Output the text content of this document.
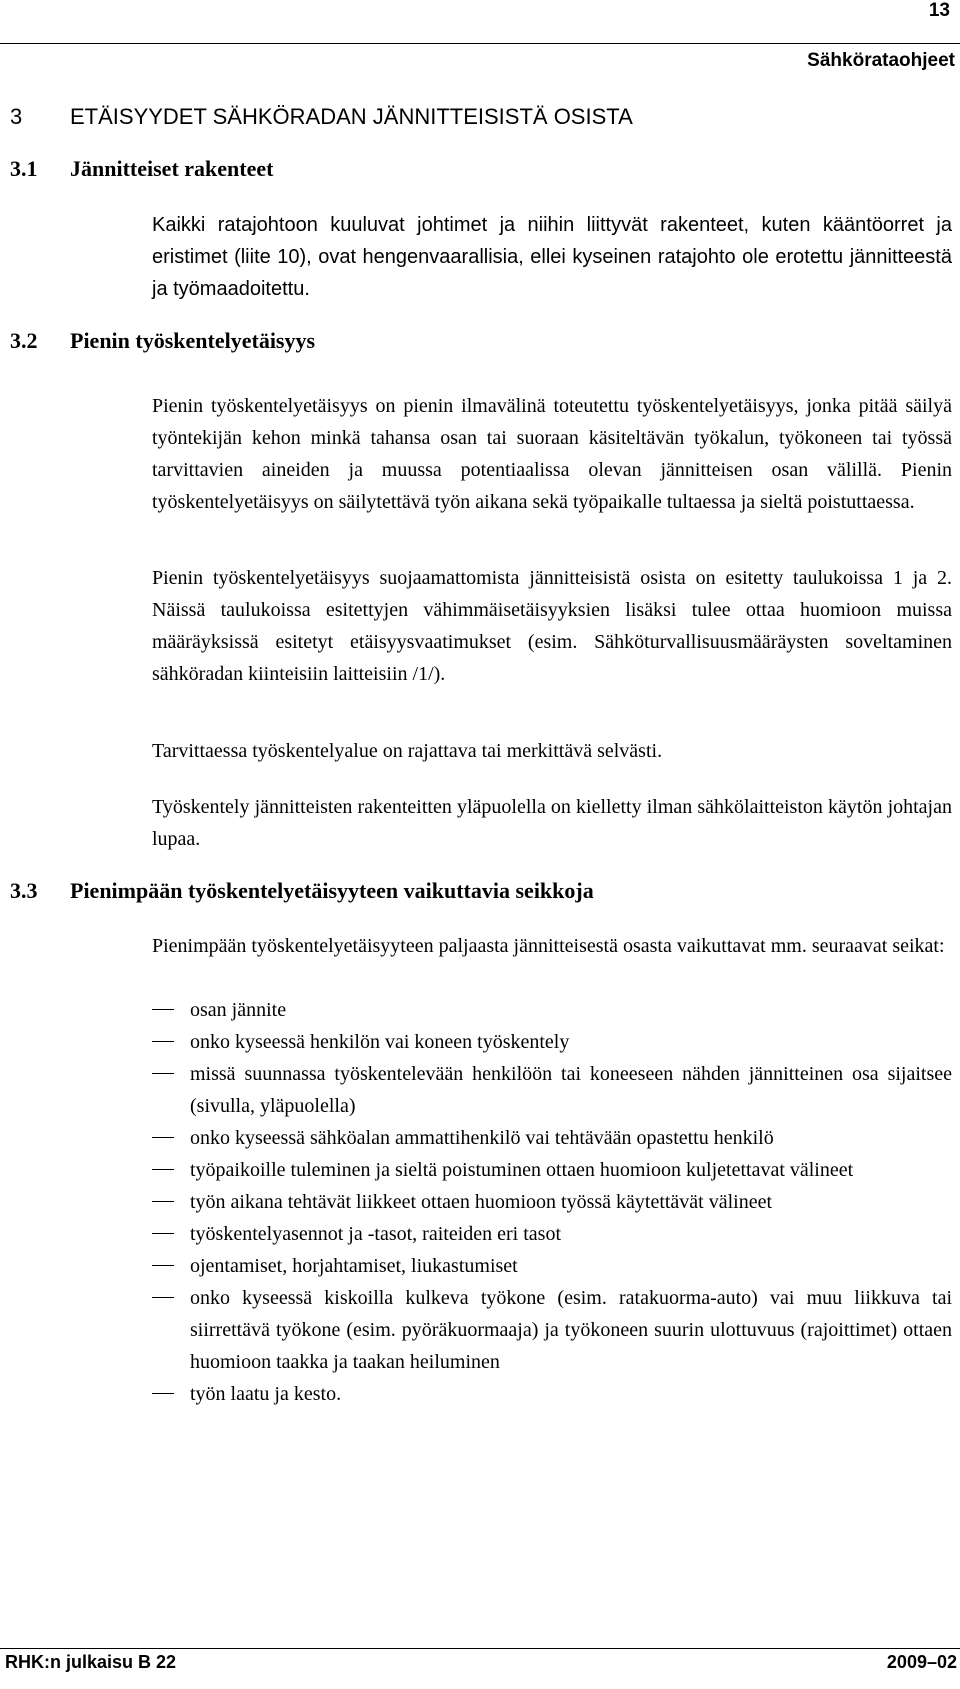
13
Sähkörataohjeet
3 ETÄISYYDET SÄHKÖRADAN JÄNNITTEISISTÄ OSISTA
3.1 Jännitteiset rakenteet
Kaikki ratajohtoon kuuluvat johtimet ja niihin liittyvät rakenteet, kuten kääntöorret ja eristimet (liite 10), ovat hengenvaarallisia, ellei kyseinen ratajohto ole erotettu jännitteestä ja työmaadoitettu.
3.2 Pienin työskentelyetäisyys
Pienin työskentelyetäisyys on pienin ilmavälinä toteutettu työskentelyetäisyys, jonka pitää säilyä työntekijän kehon minkä tahansa osan tai suoraan käsiteltävän työkalun, työkoneen tai työssä tarvittavien aineiden ja muussa potentiaalissa olevan jännitteisen osan välillä. Pienin työskentelyetäisyys on säilytettävä työn aikana sekä työpaikalle tultaessa ja sieltä poistuttaessa.
Pienin työskentelyetäisyys suojaamattomista jännitteisistä osista on esitetty taulukoissa 1 ja 2. Näissä taulukoissa esitettyjen vähimmäisetäisyyksien lisäksi tulee ottaa huomioon muissa määräyksissä esitetyt etäisyysvaatimukset (esim. Sähköturvallisuusmääräysten soveltaminen sähköradan kiinteisiin laitteisiin /1/).
Tarvittaessa työskentelyalue on rajattava tai merkittävä selvästi.
Työskentely jännitteisten rakenteitten yläpuolella on kielletty ilman sähkölaitteiston käytön johtajan lupaa.
3.3 Pienimpään työskentelyetäisyyteen vaikuttavia seikkoja
Pienimpään työskentelyetäisyyteen paljaasta jännitteisestä osasta vaikuttavat mm. seuraavat seikat:
osan jännite
onko kyseessä henkilön vai koneen työskentely
missä suunnassa työskentelevään henkilöön tai koneeseen nähden jännitteinen osa sijaitsee (sivulla, yläpuolella)
onko kyseessä sähköalan ammattihenkilö vai tehtävään opastettu henkilö
työpaikoille tuleminen ja sieltä poistuminen ottaen huomioon kuljetettavat välineet
työn aikana tehtävät liikkeet ottaen huomioon työssä käytettävät välineet
työskentelyasennot ja -tasot, raiteiden eri tasot
ojentamiset, horjahtamiset, liukastumiset
onko kyseessä kiskoilla kulkeva työkone (esim. ratakuorma-auto) vai muu liikkuva tai siirrettävä työkone (esim. pyöräkuormaaja) ja työkoneen suurin ulottuvuus (rajoittimet) ottaen huomioon taakka ja taakan heiluminen
työn laatu ja kesto.
RHK:n julkaisu B 22	2009–02
